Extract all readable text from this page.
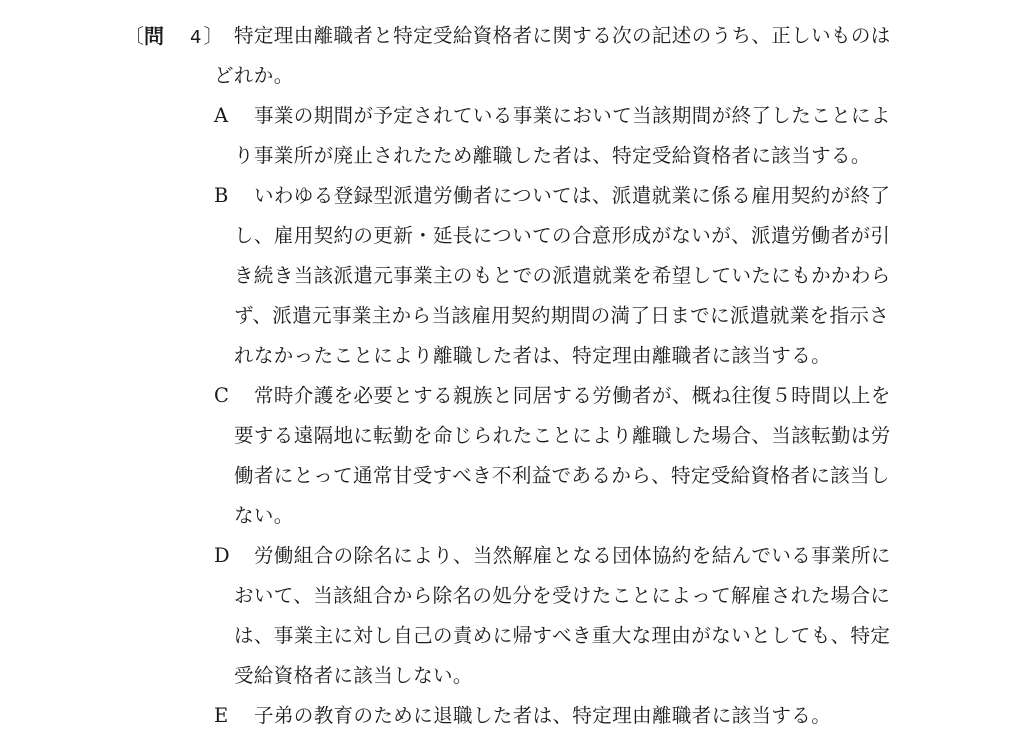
〔問 4 〕 特定理由離職者と特定受給資格者に関する次の記述のうち、正しいものは
どれか。
A	事業の期間が予定されている事業において当該期間が終了したことによ
り事業所が廃止されたため離職した者は、特定受給資格者に該当する。
B	いわゆる登録型派遣労働者については、派遣就業に係る雇用契約が終了
し、雇用契約の更新・延長についての合意形成がないが、派遣労働者が引
き続き当該派遣元事業主のもとでの派遣就業を希望していたにもかかわら
ず、派遣元事業主から当該雇用契約期間の満了日までに派遣就業を指示さ
れなかったことにより離職した者は、特定理由離職者に該当する。
C	常時介護を必要とする親族と同居する労働者が、概ね往復５時間以上を
要する遠隔地に転勤を命じられたことにより離職した場合、当該転勤は労
働者にとって通常甘受すべき不利益であるから、特定受給資格者に該当し
ない。
D	労働組合の除名により、当然解雇となる団体協約を結んでいる事業所に
おいて、当該組合から除名の処分を受けたことによって解雇された場合に
は、事業主に対し自己の責めに帰すべき重大な理由がないとしても、特定
受給資格者に該当しない。
E	子弟の教育のために退職した者は、特定理由離職者に該当する。
